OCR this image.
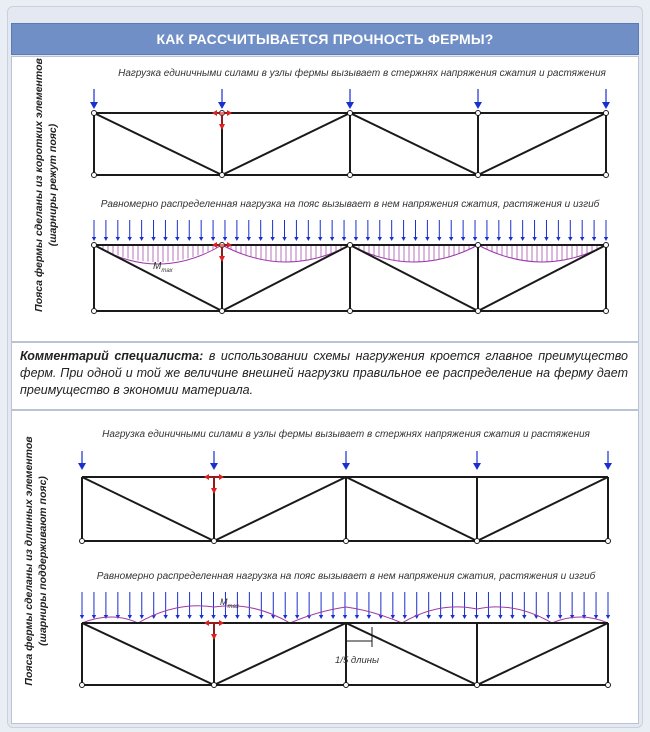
КАК РАССЧИТЫВАЕТСЯ ПРОЧНОСТЬ ФЕРМЫ?
Пояса фермы сделаны из коротких элементов (шарниры режут пояс)
Нагрузка единичными силами в узлы фермы вызывает в стержнях напряжения сжатия и растяжения
Равномерно распределенная нагрузка на пояс вызывает в нем напряжения сжатия, растяжения и изгиб
$M_{max}$
Комментарий специалиста: в использовании схемы нагружения кроется главное преимущество ферм. При одной и той же величине внешней нагрузки правильное ее распределение на ферму дает преимущество в экономии материала.
Пояса фермы сделаны из длинных элементов (шарниры поддерживают пояс)
Нагрузка единичными силами в узлы фермы вызывает в стержнях напряжения сжатия и растяжения
Равномерно распределенная нагрузка на пояс вызывает в нем напряжения сжатия, растяжения и изгиб
$M_{max}$
1/5 длины
